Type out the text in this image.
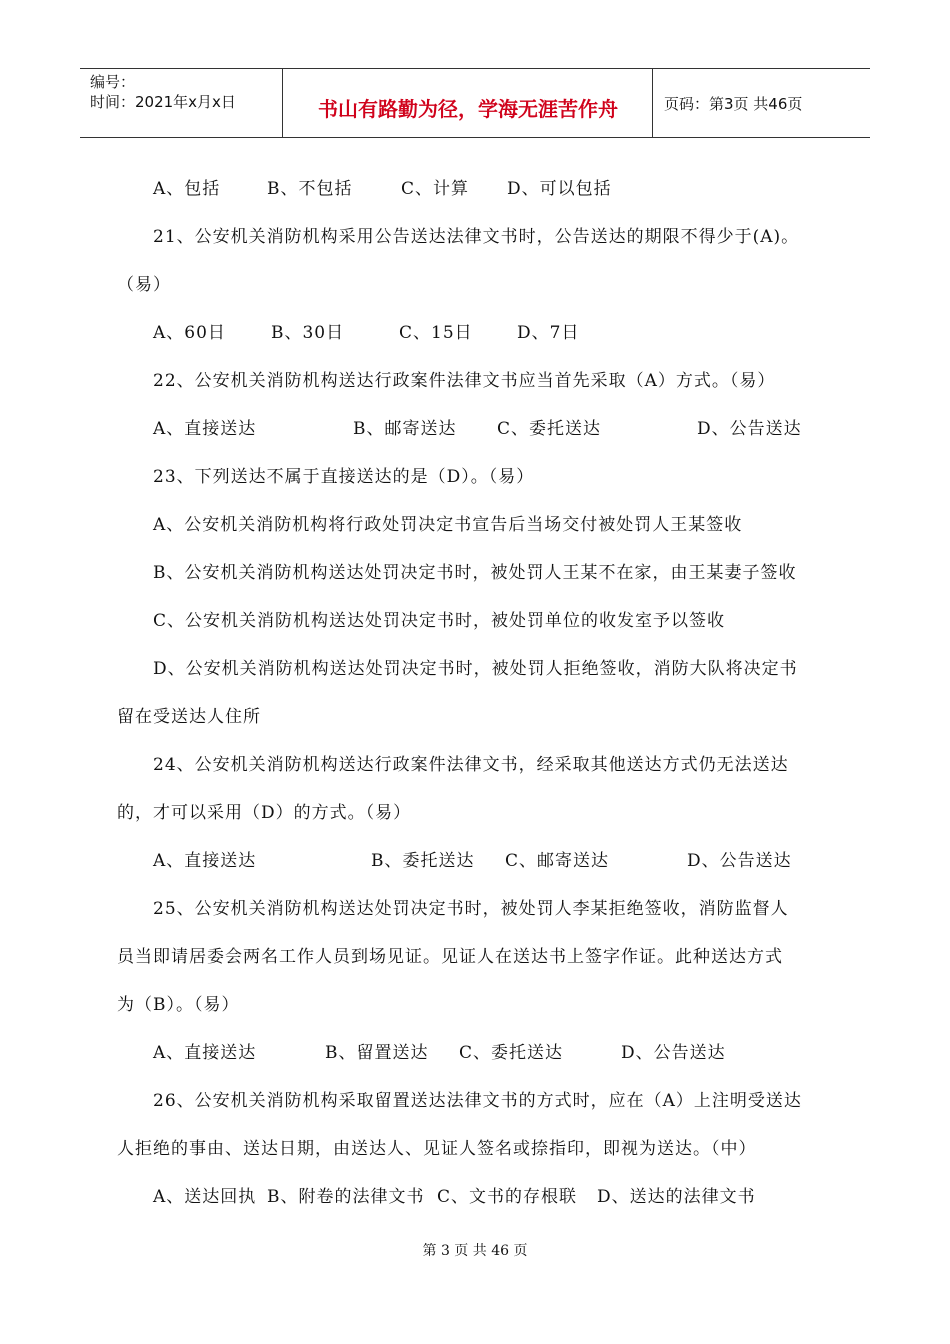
编号：
时间：2021年x月x日	书山有路勤为径，学海无涯苦作舟	页码：第3页 共46页
A、包括	B、不包括	C、计算 D、可以包括
21、公安机关消防机构采用公告送达法律文书时，公告送达的期限不得少于(A)。
（易）
A、60日	B、30日	C、15日	D、7日
22、公安机关消防机构送达行政案件法律文书应当首先采取（A）方式。（易）
A、直接送达	B、邮寄送达 C、委托送达	D、公告送达
23、下列送达不属于直接送达的是（D）。（易）
A、公安机关消防机构将行政处罚决定书宣告后当场交付被处罚人王某签收
B、公安机关消防机构送达处罚决定书时，被处罚人王某不在家，由王某妻子签收
C、公安机关消防机构送达处罚决定书时，被处罚单位的收发室予以签收
D、公安机关消防机构送达处罚决定书时，被处罚人拒绝签收，消防大队将决定书
留在受送达人住所
24、公安机关消防机构送达行政案件法律文书，经采取其他送达方式仍无法送达
的，才可以采用（D）的方式。（易）
A、直接送达	B、委托送达 C、邮寄送达	D、公告送达
25、公安机关消防机构送达处罚决定书时，被处罚人李某拒绝签收，消防监督人
员当即请居委会两名工作人员到场见证。见证人在送达书上签字作证。此种送达方式
为（B）。（易）
A、直接送达	B、留置送达 C、委托送达	D、公告送达
26、公安机关消防机构采取留置送达法律文书的方式时，应在（A）上注明受送达
人拒绝的事由、送达日期，由送达人、见证人签名或捺指印，即视为送达。（中）
A、送达回执 B、附卷的法律文书 C、文书的存根联 D、送达的法律文书
第 3 页 共 46 页
